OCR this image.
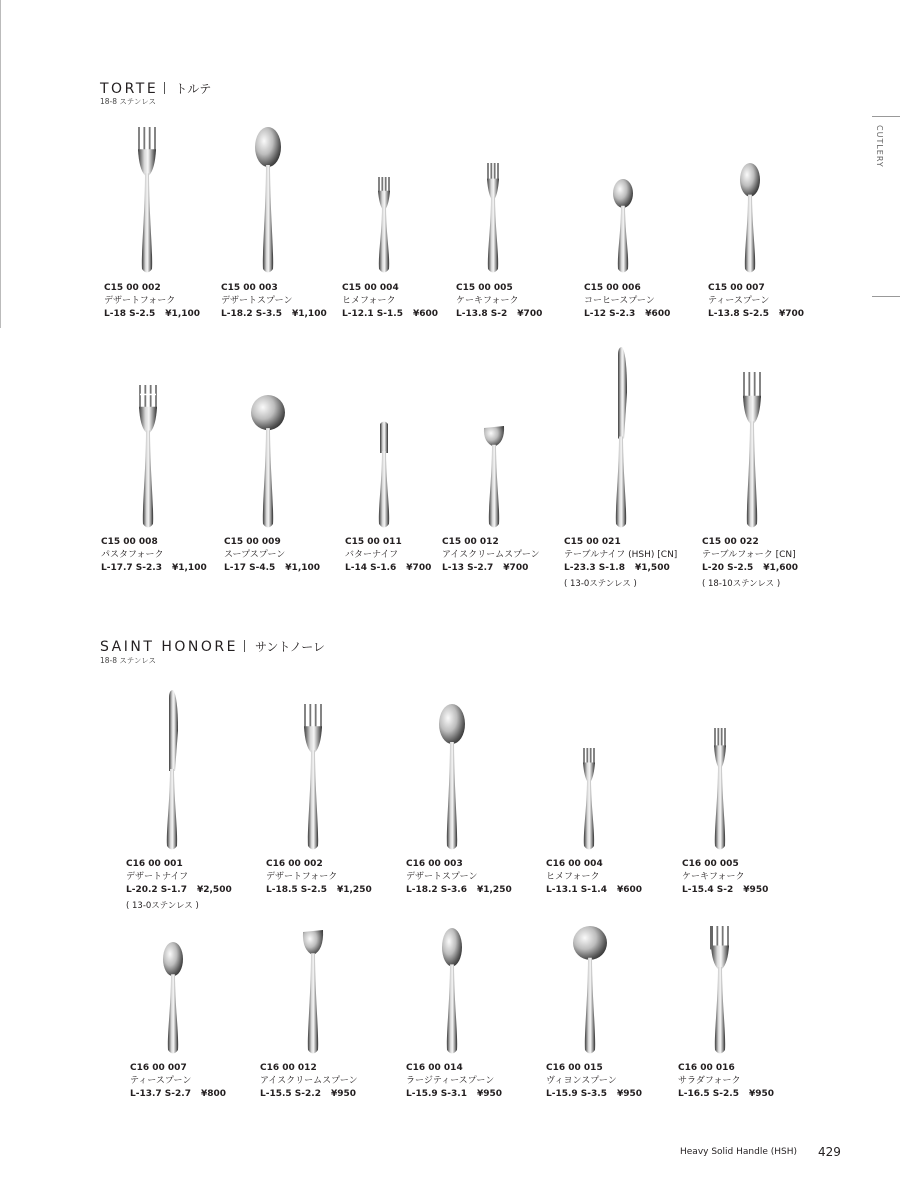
CUTLERY
TORTE トルテ
18-8 ステンレス
SAINT HONORE サントノーレ
18-8 ステンレス
C15 00 002
デザートフォーク
L-18 S-2.5 ¥1,100
C15 00 003
デザートスプーン
L-18.2 S-3.5 ¥1,100
C15 00 004
ヒメフォーク
L-12.1 S-1.5 ¥600
C15 00 005
ケーキフォーク
L-13.8 S-2 ¥700
C15 00 006
コーヒースプーン
L-12 S-2.3 ¥600
C15 00 007
ティースプーン
L-13.8 S-2.5 ¥700
C15 00 008
パスタフォーク
L-17.7 S-2.3 ¥1,100
C15 00 009
スープスプーン
L-17 S-4.5 ¥1,100
C15 00 011
バターナイフ
L-14 S-1.6 ¥700
C15 00 012
アイスクリームスプーン
L-13 S-2.7 ¥700
C15 00 021
テーブルナイフ (HSH) [CN]
L-23.3 S-1.8 ¥1,500
( 13-0ステンレス )
C15 00 022
テーブルフォーク [CN]
L-20 S-2.5 ¥1,600
( 18-10ステンレス )
C16 00 001
デザートナイフ
L-20.2 S-1.7 ¥2,500
( 13-0ステンレス )
C16 00 002
デザートフォーク
L-18.5 S-2.5 ¥1,250
C16 00 003
デザートスプーン
L-18.2 S-3.6 ¥1,250
C16 00 004
ヒメフォーク
L-13.1 S-1.4 ¥600
C16 00 005
ケーキフォーク
L-15.4 S-2 ¥950
C16 00 007
ティースプーン
L-13.7 S-2.7 ¥800
C16 00 012
アイスクリームスプーン
L-15.5 S-2.2 ¥950
C16 00 014
ラージティースプーン
L-15.9 S-3.1 ¥950
C16 00 015
ヴィヨンスプーン
L-15.9 S-3.5 ¥950
C16 00 016
サラダフォーク
L-16.5 S-2.5 ¥950
Heavy Solid Handle (HSH) 429
